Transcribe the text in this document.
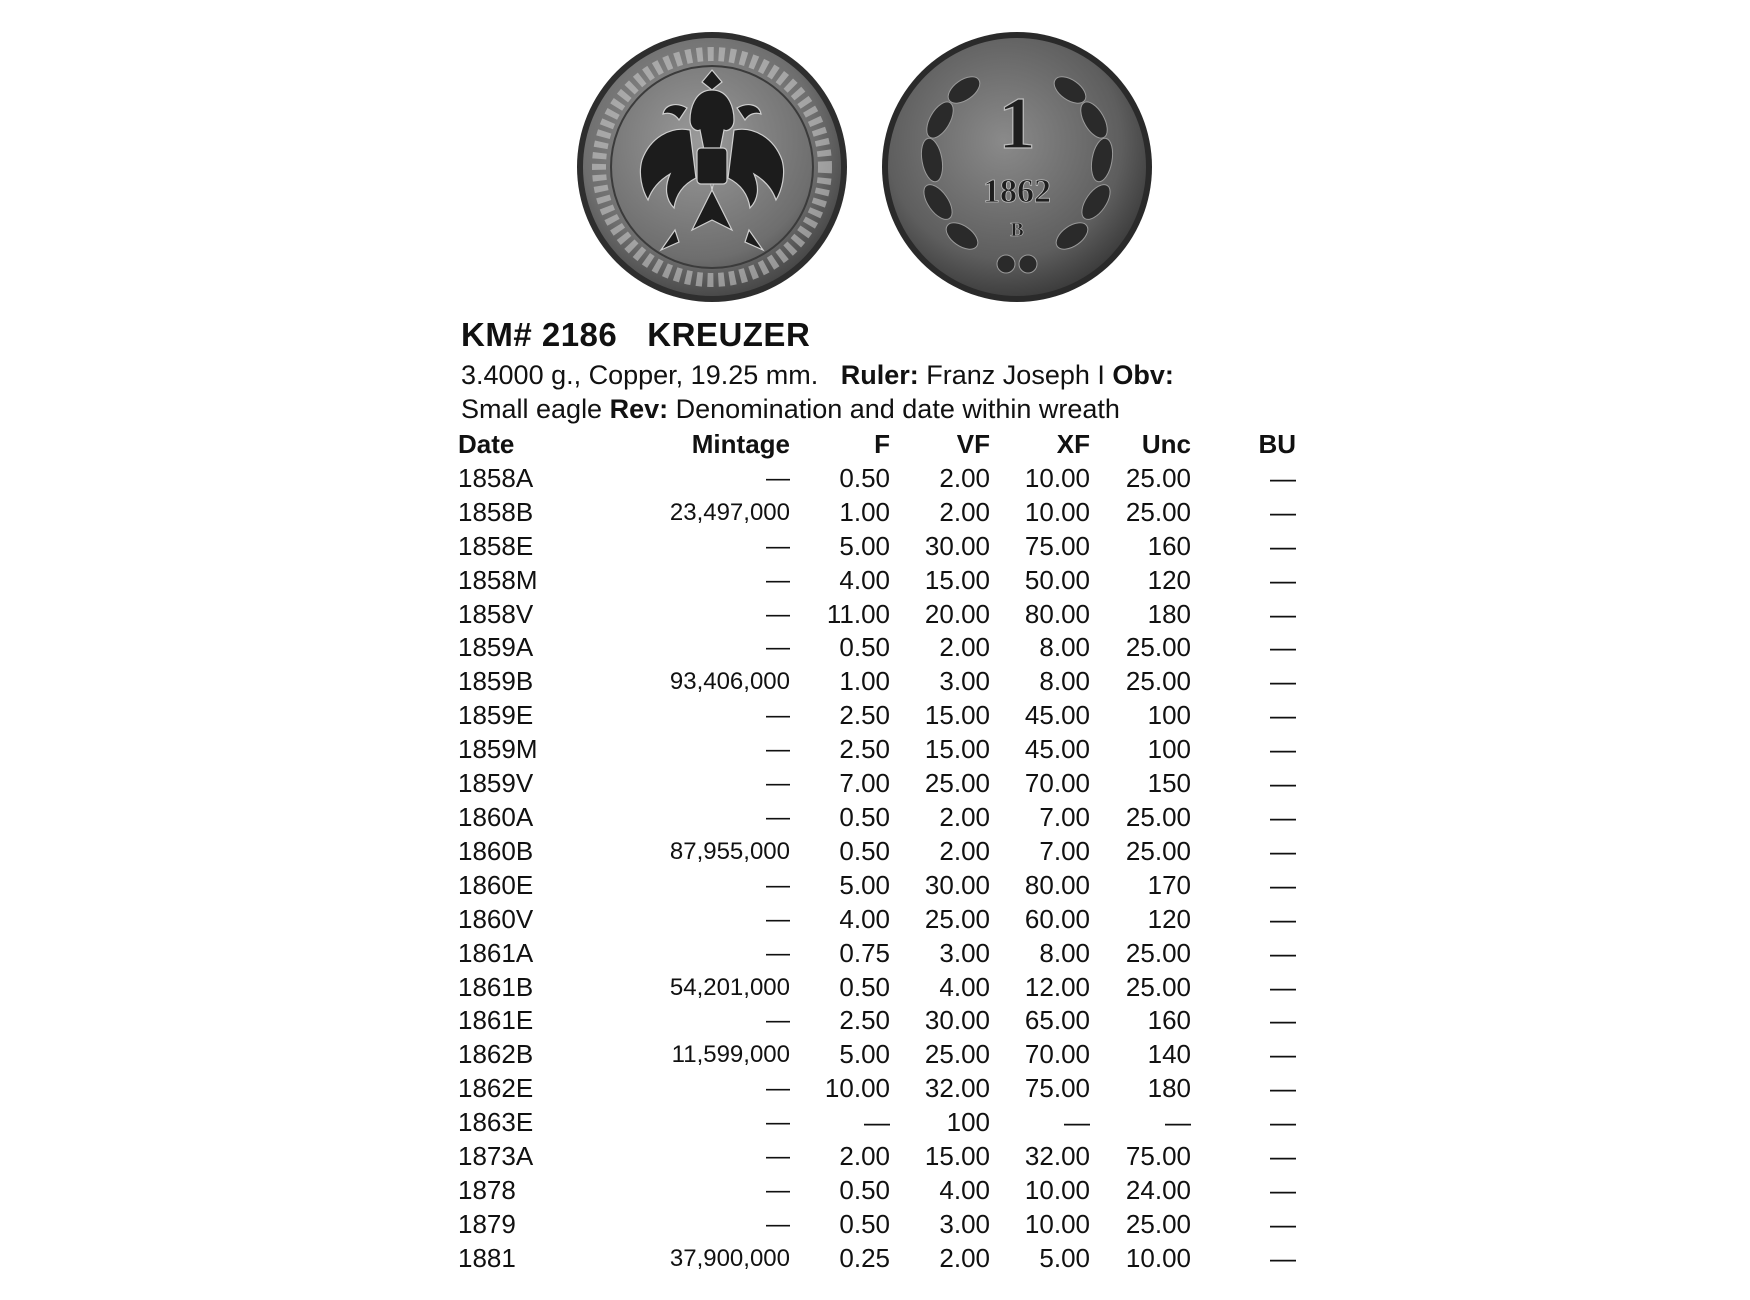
1
1862
B
KM# 2186 KREUZER
3.4000 g., Copper, 19.25 mm. Ruler: Franz Joseph I Obv:
Small eagle Rev: Denomination and date within wreath
Date	Mintage	F	VF	XF	Unc	BU
1858A	—	0.50	2.00	10.00	25.00	—
1858B	23,497,000	1.00	2.00	10.00	25.00	—
1858E	—	5.00	30.00	75.00	160	—
1858M	—	4.00	15.00	50.00	120	—
1858V	—	11.00	20.00	80.00	180	—
1859A	—	0.50	2.00	8.00	25.00	—
1859B	93,406,000	1.00	3.00	8.00	25.00	—
1859E	—	2.50	15.00	45.00	100	—
1859M	—	2.50	15.00	45.00	100	—
1859V	—	7.00	25.00	70.00	150	—
1860A	—	0.50	2.00	7.00	25.00	—
1860B	87,955,000	0.50	2.00	7.00	25.00	—
1860E	—	5.00	30.00	80.00	170	—
1860V	—	4.00	25.00	60.00	120	—
1861A	—	0.75	3.00	8.00	25.00	—
1861B	54,201,000	0.50	4.00	12.00	25.00	—
1861E	—	2.50	30.00	65.00	160	—
1862B	11,599,000	5.00	25.00	70.00	140	—
1862E	—	10.00	32.00	75.00	180	—
1863E	—	—	100	—	—	—
1873A	—	2.00	15.00	32.00	75.00	—
1878	—	0.50	4.00	10.00	24.00	—
1879	—	0.50	3.00	10.00	25.00	—
1881	37,900,000	0.25	2.00	5.00	10.00	—
